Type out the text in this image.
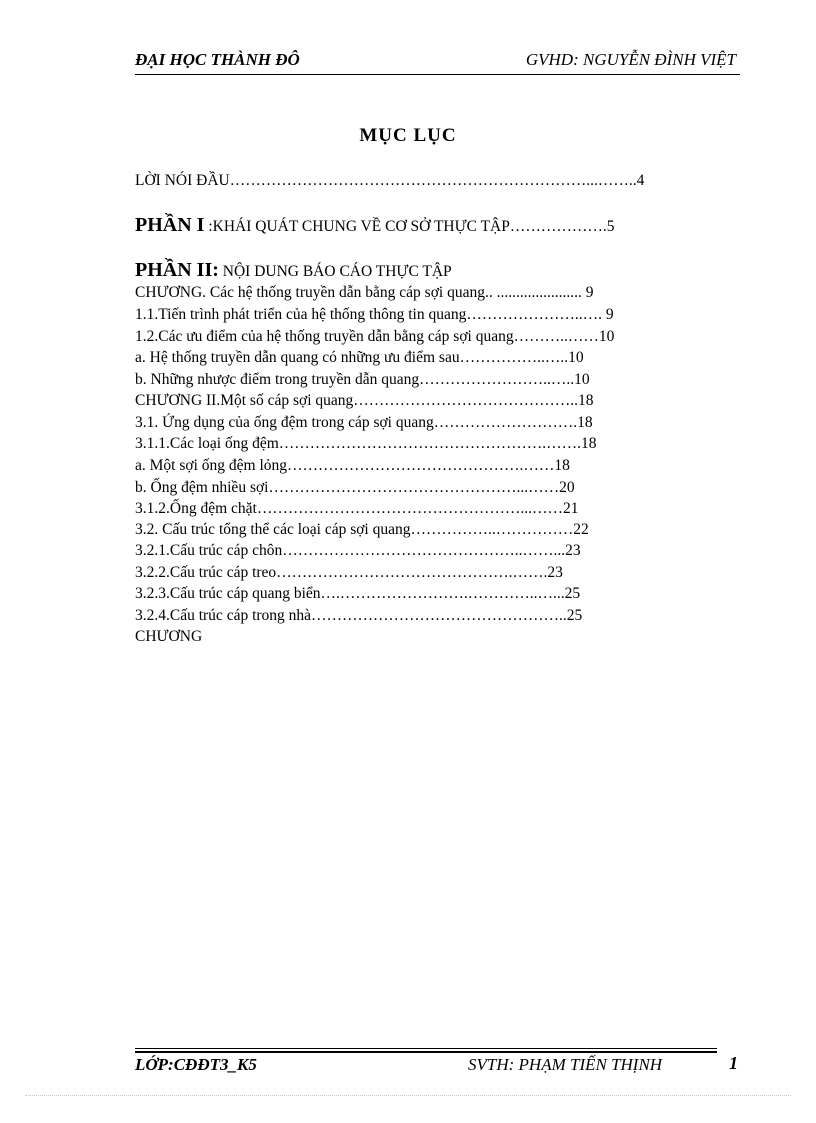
ĐẠI HỌC THÀNH ĐÔ	GVHD: NGUYỄN ĐÌNH VIỆT
MỤC LỤC
LỜI NÓI ĐẦU……………………………………………………………...……..4
PHẦN I :KHÁI QUÁT CHUNG VỀ CƠ SỞ THỰC TẬP……………….5
PHẦN II: NỘI DUNG BÁO CÁO THỰC TẬP
CHƯƠNG. Các hệ thống truyền dẫn bằng cáp sợi quang.. ...................... 9
1.1.Tiến trình phát triển của hệ thống thông tin quang…………………..…. 9
1.2.Các ưu điểm của hệ thống truyền dẫn bằng cáp sợi quang………..……10
a. Hệ thống truyền dẫn quang có những ưu điểm sau……………..…..10
b. Những nhược điểm trong truyền dẫn quang……………………..…..10
CHƯƠNG II.Một số cáp sợi quang……………………………………..18
3.1. Ứng dụng của ống đệm trong cáp sợi quang……………………….18
3.1.1.Các loại ống đệm…………………………………………….…….18
a. Một sợi ống đệm lỏng……………………………………….……18
b. Ống đệm nhiều sợi…………………………………………...……20
3.1.2.Ống đệm chặt……………………………………………...……21
3.2. Cấu trúc tổng thể các loại cáp sợi quang……………..……………22
3.2.1.Cấu trúc cáp chôn………………………………………..……...23
3.2.2.Cấu trúc cáp treo……………………………………….…….23
3.2.3.Cấu trúc cáp quang biển….…………………….…………..…...25
3.2.4.Cấu trúc cáp trong nhà…………………………………………..25
CHƯƠNG
LỚP:CĐĐT3_K5	SVTH: PHẠM TIẾN THỊNH	1
